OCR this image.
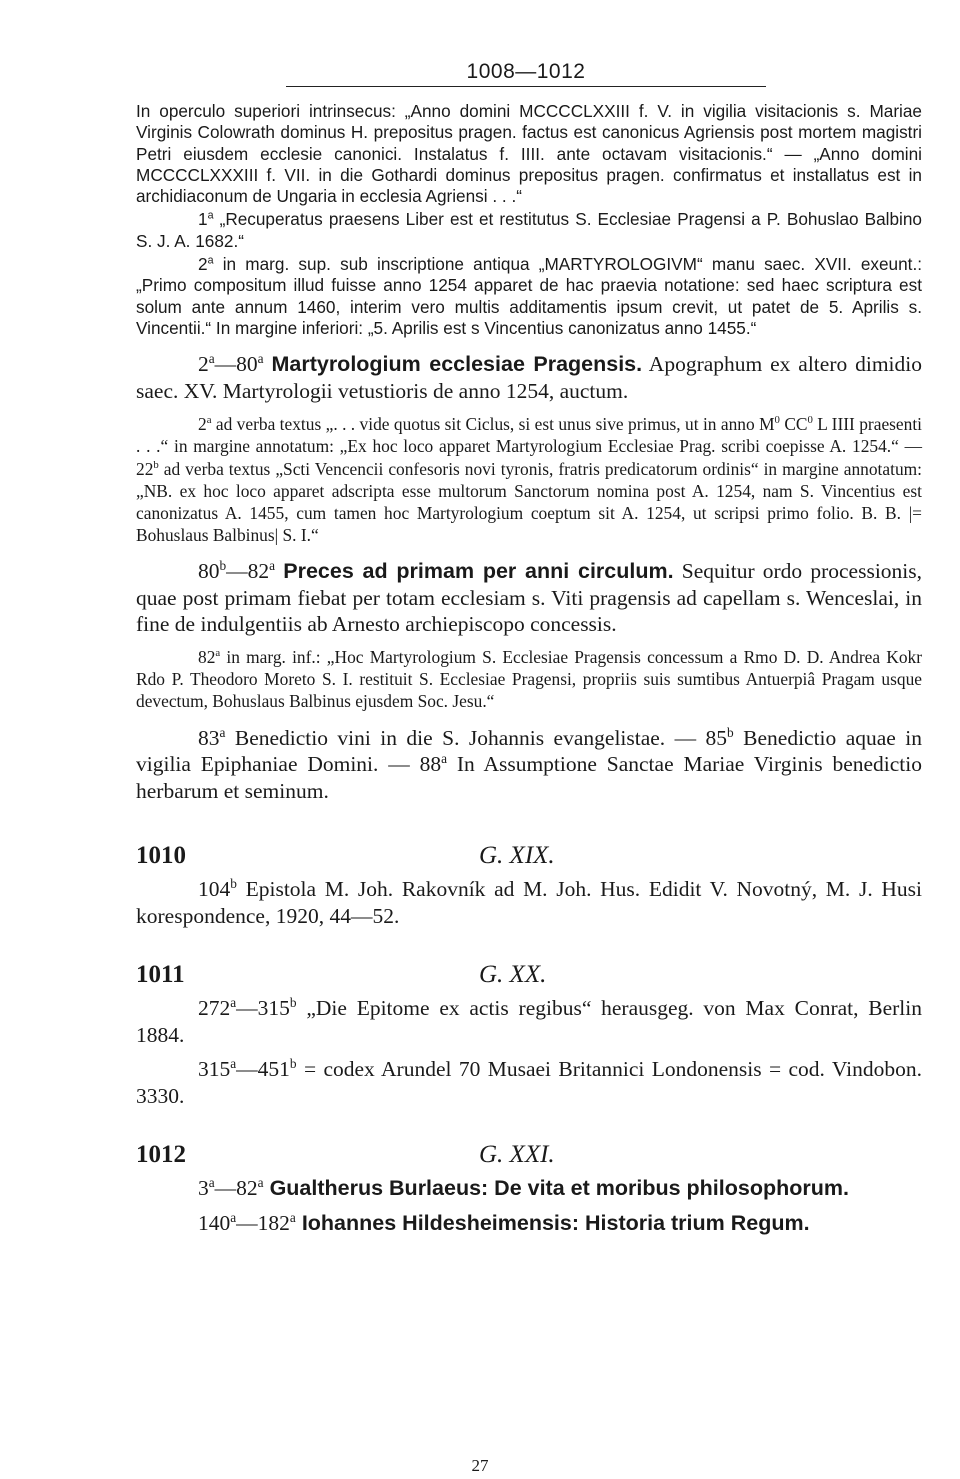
1008—1012

In operculo superiori intrinsecus: „Anno domini MCCCCLXXIII f. V. in vigilia visitacionis s. Mariae Virginis Colowrath dominus H. prepositus pragen. factus est canonicus Agriensis post mortem magistri Petri eiusdem ecclesie canonici. Instalatus f. IIII. ante octavam visitacionis.“ — „Anno domini MCCCCLXXXIII f. VII. in die Gothardi dominus prepositus pragen. confirmatus et installatus est in archidiaconum de Ungaria in ecclesia Agriensi . . .“

1$^a$ „Recuperatus praesens Liber est et restitutus S. Ecclesiae Pragensi a P. Bohuslao Balbino S. J. A. 1682.“

2$^a$ in marg. sup. sub inscriptione antiqua „MARTYROLOGIVM“ manu saec. XVII. exeunt.: „Primo compositum illud fuisse anno 1254 apparet de hac praevia notatione: sed haec scriptura est solum ante annum 1460, interim vero multis additamentis ipsum crevit, ut patet de 5. Aprilis s. Vincentii.“ In margine inferiori: „5. Aprilis est s Vincentius canonizatus anno 1455.“

2$^a$—80$^a$ Martyrologium ecclesiae Pragensis. Apographum ex altero dimidio saec. XV. Martyrologii vetustioris de anno 1254, auctum.

2$^a$ ad verba textus „. . . vide quotus sit Ciclus, si est unus sive primus, ut in anno $M^0$ $CC^0$ L IIII praesenti . . .“ in margine annotatum: „Ex hoc loco apparet Martyrologium Ecclesiae Prag. scribi coepisse A. 1254.“ — 22$^b$ ad verba textus „Scti Vencencii confesoris novi tyronis, fratris predicatorum ordinis“ in margine annotatum: „NB. ex hoc loco apparet adscripta esse multorum Sanctorum nomina post A. 1254, nam S. Vincentius est canonizatus A. 1455, cum tamen hoc Martyrologium coeptum sit A. 1254, ut scripsi primo folio. B. B. |= Bohuslaus Balbinus| S. I.“

80$^b$—82$^a$ Preces ad primam per anni circulum. Sequitur ordo processionis, quae post primam fiebat per totam ecclesiam s. Viti pragensis ad capellam s. Wenceslai, in fine de indulgentiis ab Arnesto archiepiscopo concessis.

82$^a$ in marg. inf.: „Hoc Martyrologium S. Ecclesiae Pragensis concessum a Rmo D. D. Andrea Kokr Rdo P. Theodoro Moreto S. I. restituit S. Ecclesiae Pragensi, propriis suis sumtibus Antuerpiâ Pragam usque devectum, Bohuslaus Balbinus ejusdem Soc. Jesu.“

83$^a$ Benedictio vini in die S. Johannis evangelistae. — 85$^b$ Benedictio aquae in vigilia Epiphaniae Domini. — 88$^a$ In Assumptione Sanctae Mariae Virginis benedictio herbarum et seminum.

1010	G. XIX.

104$^b$ Epistola M. Joh. Rakovník ad M. Joh. Hus. Edidit V. Novotný, M. J. Husi korespondence, 1920, 44—52.

1011	G. XX.

272$^a$—315$^b$ „Die Epitome ex actis regibus“ herausgeg. von Max Conrat, Berlin 1884.

$315^a—451^b$ = codex Arundel 70 Musaei Britannici Londonensis = cod. Vindobon. 3330.

1012	G. XXI.

3$^a$—82$^a$ Gualtherus Burlaeus: De vita et moribus philosophorum.

140$^a$—182$^a$ Iohannes Hildesheimensis: Historia trium Regum.

27
